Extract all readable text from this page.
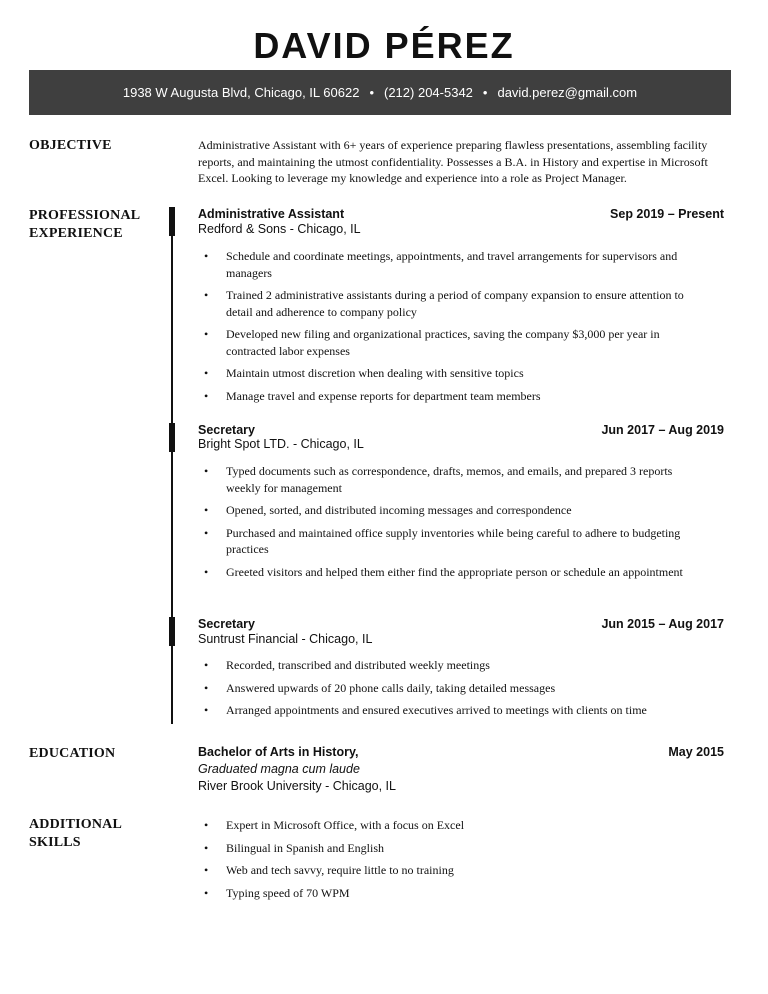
DAVID PÉREZ
1938 W Augusta Blvd, Chicago, IL 60622 • (212) 204-5342 • david.perez@gmail.com
OBJECTIVE	Administrative Assistant with 6+ years of experience preparing flawless presentations, assembling facility reports, and maintaining the utmost confidentiality. Possesses a B.A. in History and expertise in Microsoft Excel. Looking to leverage my knowledge and experience into a role as Project Manager.
PROFESSIONAL
EXPERIENCE
Administrative Assistant	Sep 2019 – Present
Redford & Sons - Chicago, IL
• Schedule and coordinate meetings, appointments, and travel arrangements for supervisors and managers
• Trained 2 administrative assistants during a period of company expansion to ensure attention to detail and adherence to company policy
• Developed new filing and organizational practices, saving the company $3,000 per year in contracted labor expenses
• Maintain utmost discretion when dealing with sensitive topics
• Manage travel and expense reports for department team members
Secretary	Jun 2017 – Aug 2019
Bright Spot LTD. - Chicago, IL
• Typed documents such as correspondence, drafts, memos, and emails, and prepared 3 reports weekly for management
• Opened, sorted, and distributed incoming messages and correspondence
• Purchased and maintained office supply inventories while being careful to adhere to budgeting practices
• Greeted visitors and helped them either find the appropriate person or schedule an appointment
Secretary	Jun 2015 – Aug 2017
Suntrust Financial - Chicago, IL
• Recorded, transcribed and distributed weekly meetings
• Answered upwards of 20 phone calls daily, taking detailed messages
• Arranged appointments and ensured executives arrived to meetings with clients on time
EDUCATION	Bachelor of Arts in History,	May 2015
Graduated magna cum laude
River Brook University - Chicago, IL
ADDITIONAL
SKILLS
• Expert in Microsoft Office, with a focus on Excel
• Bilingual in Spanish and English
• Web and tech savvy, require little to no training
• Typing speed of 70 WPM
